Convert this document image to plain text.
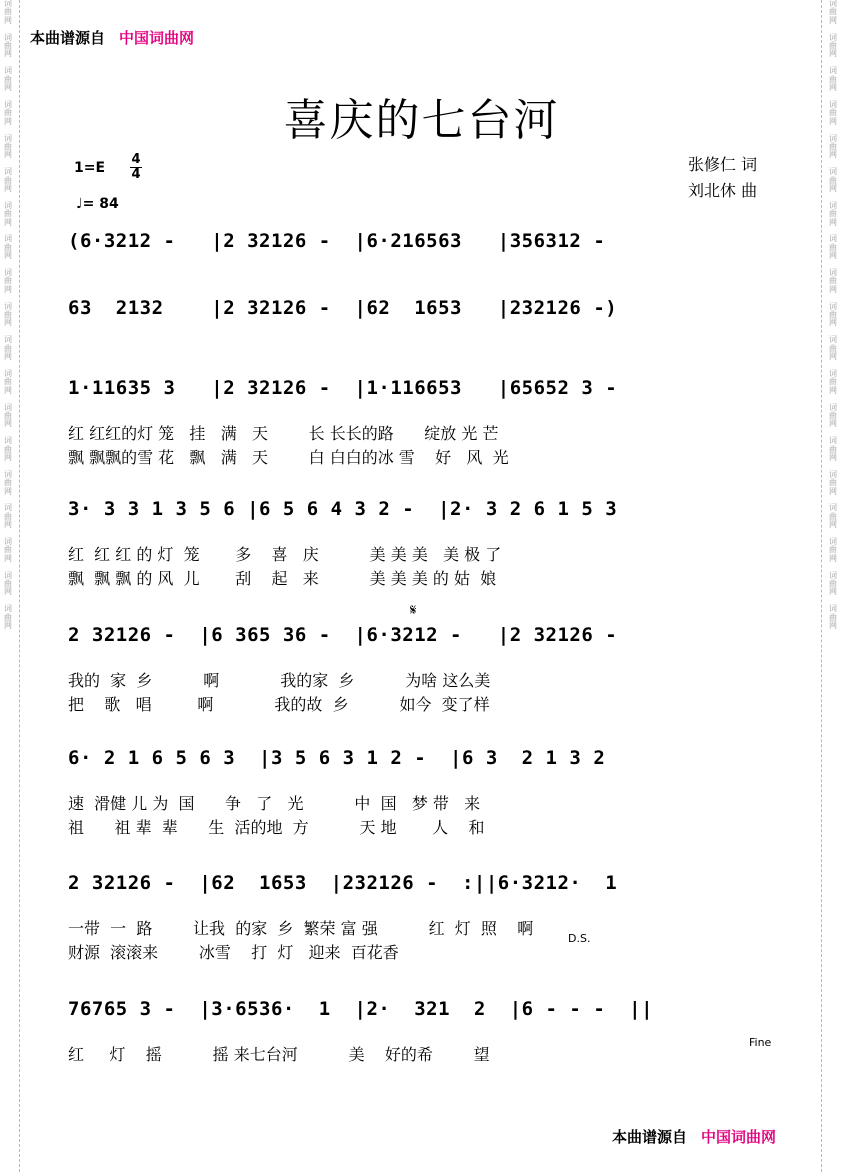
词
曲
网

词
曲
网

词
曲
网

词
曲
网

词
曲
网

词
曲
网

词
曲
网

词
曲
网

词
曲
网

词
曲
网

词
曲
网

词
曲
网

词
曲
网

词
曲
网

词
曲
网

词
曲
网

词
曲
网

词
曲
网

词
曲
网

词
曲
网

词
曲
网

词
曲
网

词
曲
网

词
曲
网

词
曲
网

词
曲
网

词
曲
网

词
曲
网

词
曲
网

词
曲
网

词
曲
网

词
曲
网

词
曲
网

词
曲
网

词
曲
网

词
曲
网

词
曲
网

词
曲
网

本曲谱源自 中国词曲网
喜庆的七台河
1=E
4
4
♩= 84
张修仁 词
刘北休 曲
(6·3212 -   |2 32126 -  |6·216563   |356312 -
63  2132    |2 32126 -  |62  1653   |232126 -)
1·11635 3   |2 32126 -  |1·116653   |65652 3 -
红 红红的灯 笼   挂   满   天        长 长长的路      绽放 光 芒
飘 飘飘的雪 花   飘   满   天        白 白白的冰 雪    好   风  光
3· 3 3 1 3 5 6 |6 5 6 4 3 2 -  |2· 3 2 6 1 5 3
红  红 红 的 灯  笼       多    喜   庆          美 美 美   美 极 了
飘  飘 飘 的 风  儿       刮    起   来          美 美 美 的 姑  娘
2 32126 -  |6 365 36 -  |6·3212 -   |2 32126 -
我的  家  乡          啊            我的家  乡          为啥 这么美
把    歌   唱         啊            我的故  乡          如今  变了样
6· 2 1 6 5 6 3  |3 5 6 3 1 2 -  |6 3  2 1 3 2
速  滑健 儿 为  国      争   了   光          中  国   梦 带   来
祖      祖 辈  辈      生  活的地  方          天 地       人    和
2 32126 -  |62  1653  |232126 -  :||6·3212·  1
一带  一  路        让我  的家  乡  繁荣 富 强          红  灯  照    啊
财源  滚滚来        冰雪    打  灯   迎来  百花香
76765 3 -  |3·6536·  1  |2·  321  2  |6 - - -  ||
红     灯    摇          摇 来七台河          美    好的希        望
𝄋
D.S.
Fine
本曲谱源自 中国词曲网
